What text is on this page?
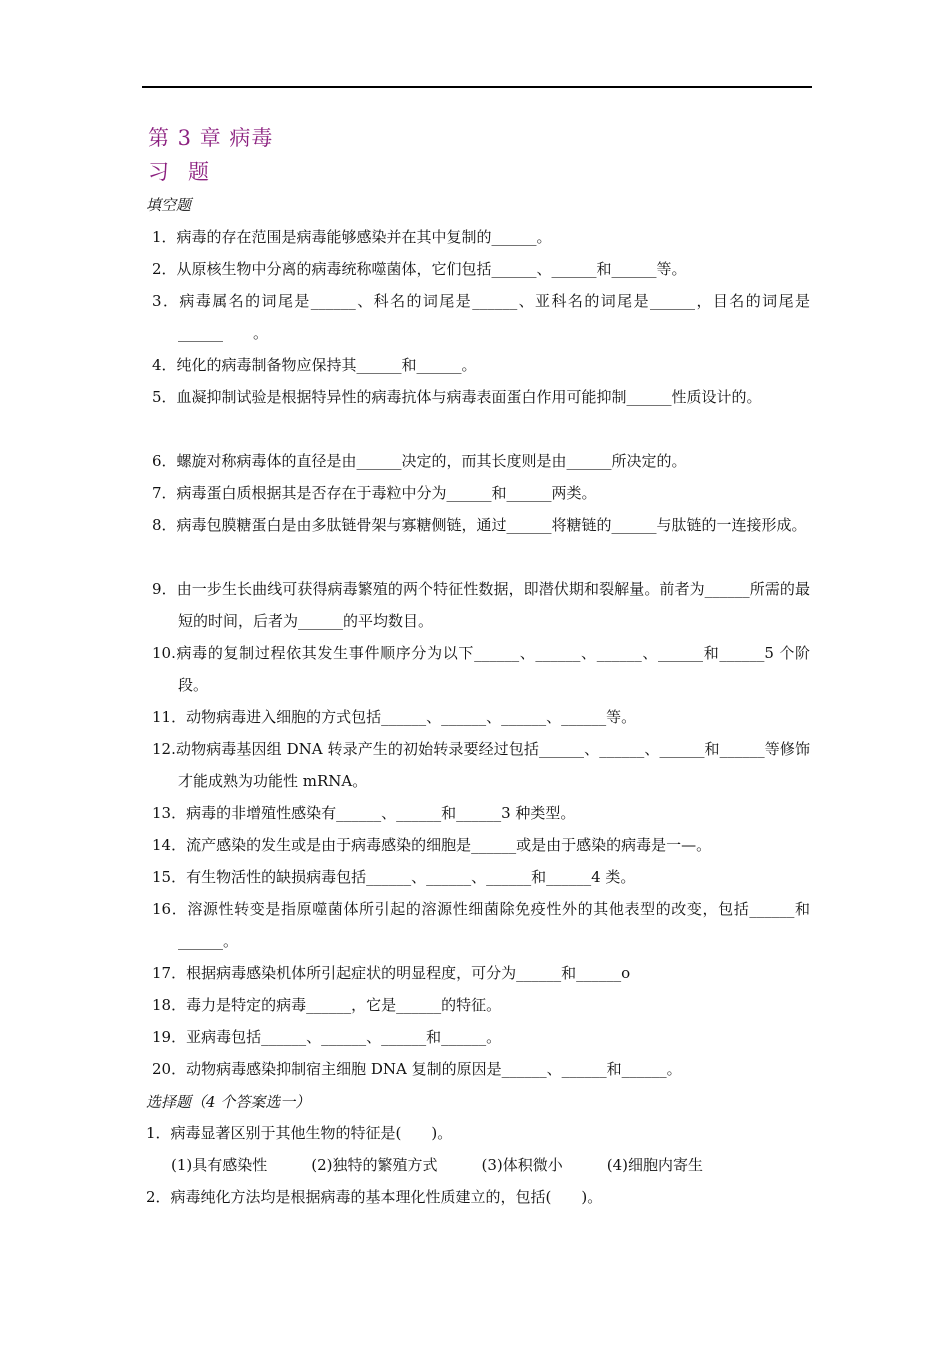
第 3 章 病毒
习题
填空题
1．病毒的存在范围是病毒能够感染并在其中复制的______。
2．从原核生物中分离的病毒统称噬菌体，它们包括______、______和______等。
3．病毒属名的词尾是______、科名的词尾是______、亚科名的词尾是______，目名的词尾是______　　。
4．纯化的病毒制备物应保持其______和______。
5．血凝抑制试验是根据特异性的病毒抗体与病毒表面蛋白作用可能抑制______性质设计的。
6．螺旋对称病毒体的直径是由______决定的，而其长度则是由______所决定的。
7．病毒蛋白质根据其是否存在于毒粒中分为______和______两类。
8．病毒包膜糖蛋白是由多肽链骨架与寡糖侧链，通过______将糖链的______与肽链的一连接形成。
9．由一步生长曲线可获得病毒繁殖的两个特征性数据，即潜伏期和裂解量。前者为______所需的最短的时间，后者为______的平均数目。
10.病毒的复制过程依其发生事件顺序分为以下______、______、______、______和______5 个阶段。
11．动物病毒进入细胞的方式包括______、______、______、______等。
12.动物病毒基因组 DNA 转录产生的初始转录要经过包括______、______、______和______等修饰才能成熟为功能性 mRNA。
13．病毒的非增殖性感染有______、______和______3 种类型。
14．流产感染的发生或是由于病毒感染的细胞是______或是由于感染的病毒是一—。
15．有生物活性的缺损病毒包括______、______、______和______4 类。
16．溶源性转变是指原噬菌体所引起的溶源性细菌除免疫性外的其他表型的改变，包括______和______。
17．根据病毒感染机体所引起症状的明显程度，可分为______和______o
18．毒力是特定的病毒______，它是______的特征。
19．亚病毒包括______、______、______和______。
20．动物病毒感染抑制宿主细胞 DNA 复制的原因是______、______和______。
选择题（4 个答案选一）
1．病毒显著区别于其他生物的特征是(　　)。
(1)具有感染性	(2)独特的繁殖方式	(3)体积微小	(4)细胞内寄生
2．病毒纯化方法均是根据病毒的基本理化性质建立的，包括(　　)。
